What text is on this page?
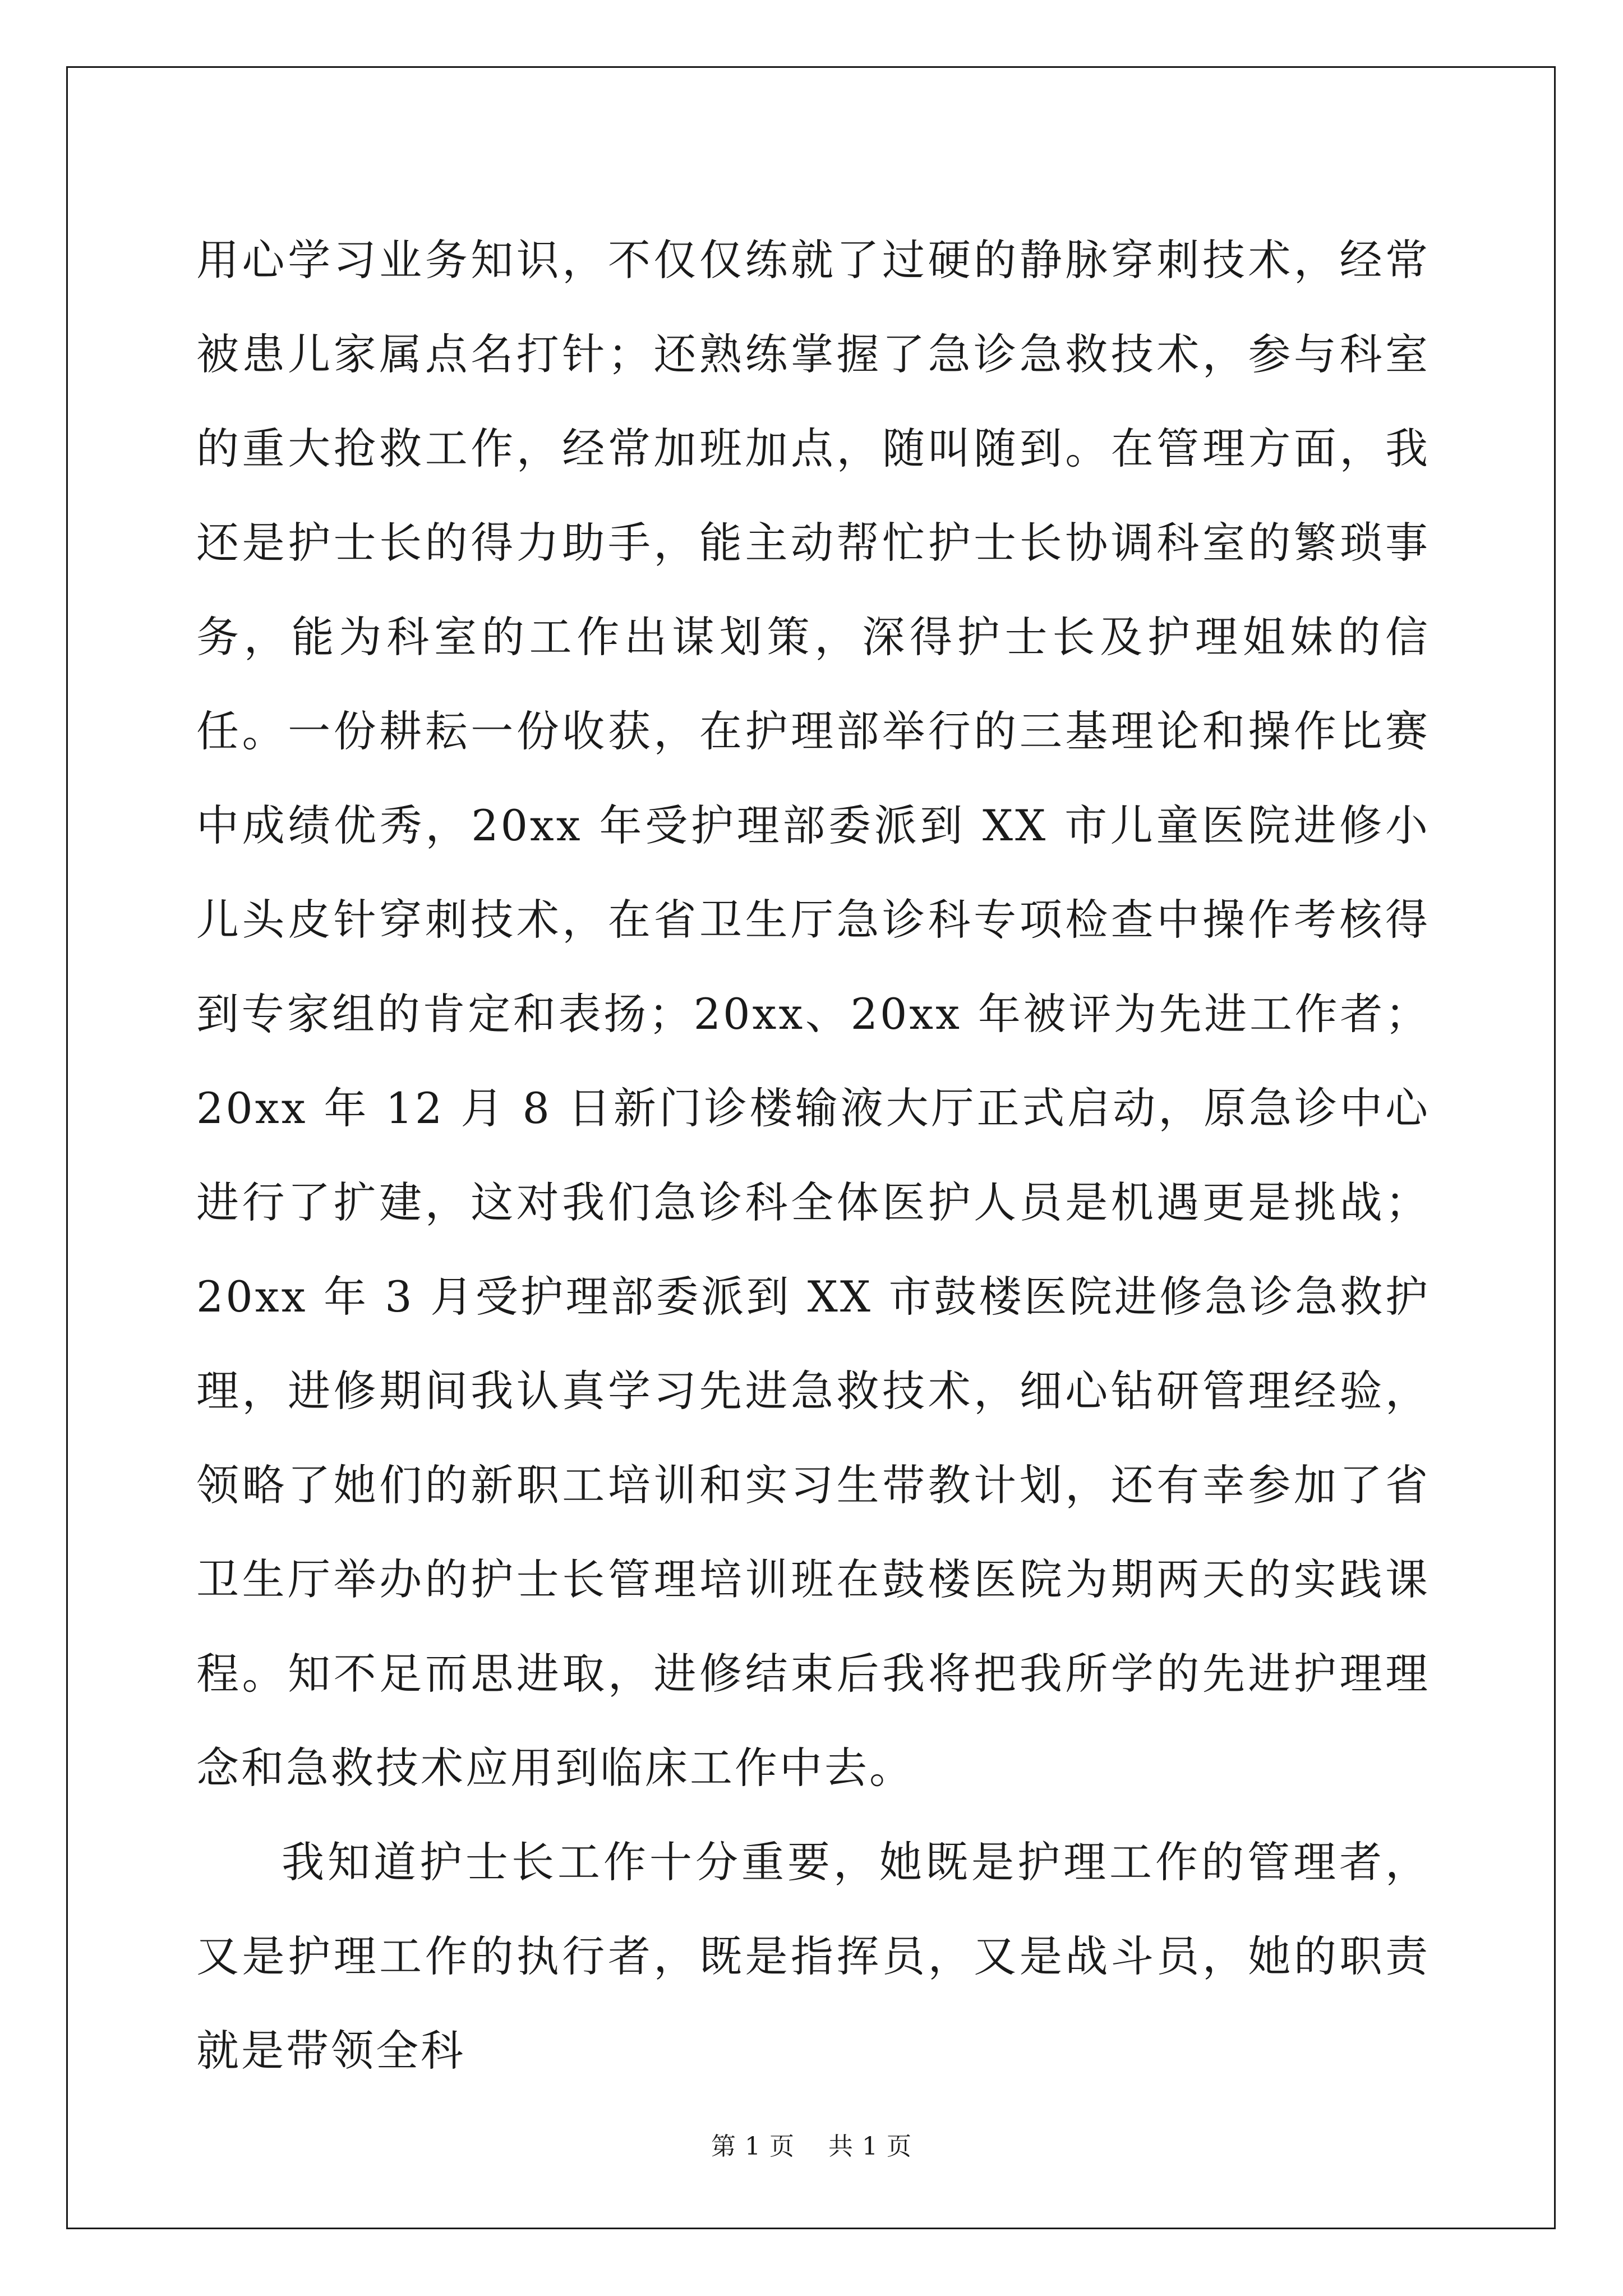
用心学习业务知识，不仅仅练就了过硬的静脉穿刺技术，经常被患儿家属点名打针；还熟练掌握了急诊急救技术，参与科室的重大抢救工作，经常加班加点，随叫随到。在管理方面，我还是护士长的得力助手，能主动帮忙护士长协调科室的繁琐事务，能为科室的工作出谋划策，深得护士长及护理姐妹的信任。一份耕耘一份收获，在护理部举行的三基理论和操作比赛中成绩优秀，20xx 年受护理部委派到 XX 市儿童医院进修小儿头皮针穿刺技术，在省卫生厅急诊科专项检查中操作考核得到专家组的肯定和表扬；20xx、20xx 年被评为先进工作者；20xx 年 12 月 8 日新门诊楼输液大厅正式启动，原急诊中心进行了扩建，这对我们急诊科全体医护人员是机遇更是挑战；20xx 年 3 月受护理部委派到 XX 市鼓楼医院进修急诊急救护理，进修期间我认真学习先进急救技术，细心钻研管理经验，领略了她们的新职工培训和实习生带教计划，还有幸参加了省卫生厅举办的护士长管理培训班在鼓楼医院为期两天的实践课程。知不足而思进取，进修结束后我将把我所学的先进护理理念和急救技术应用到临床工作中去。

我知道护士长工作十分重要，她既是护理工作的管理者，又是护理工作的执行者，既是指挥员，又是战斗员，她的职责就是带领全科

第 1 页 共 1 页
